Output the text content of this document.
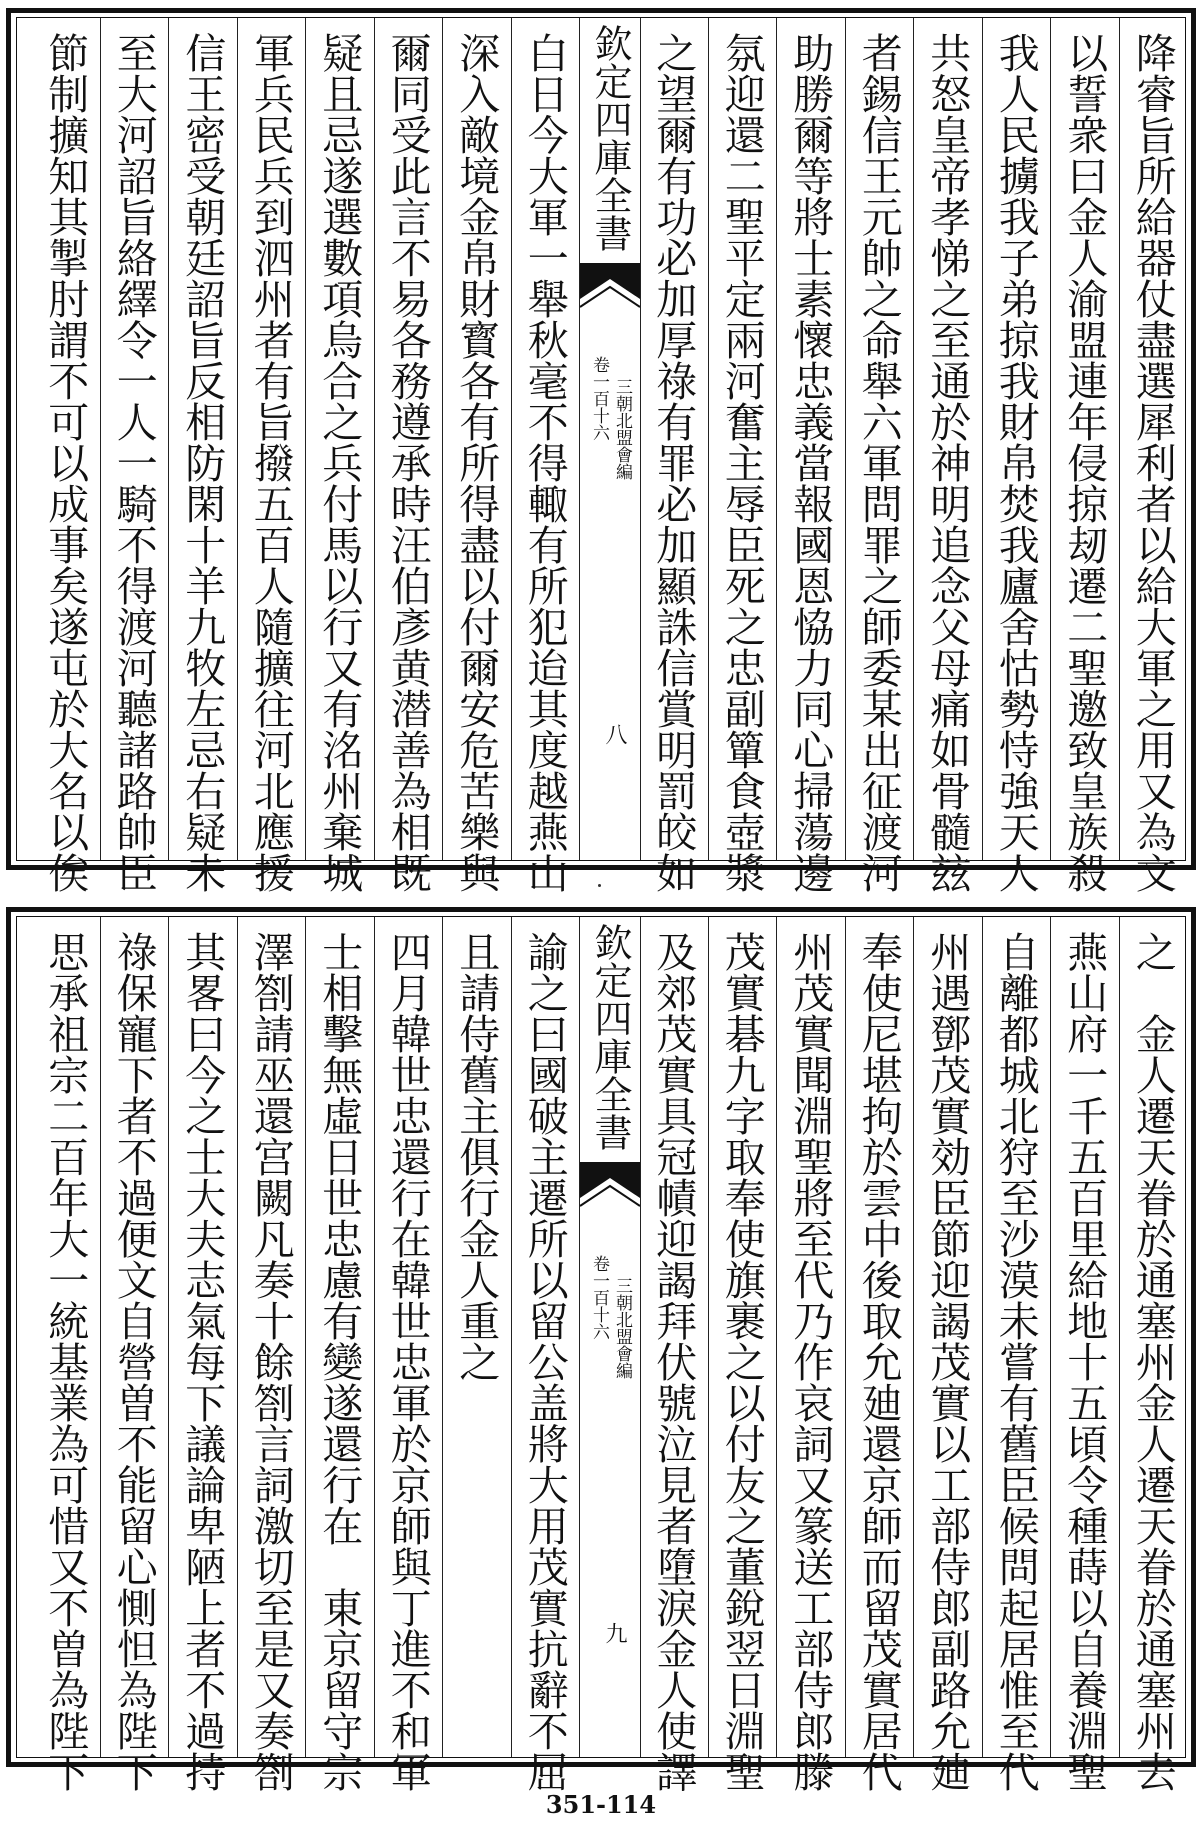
降睿旨所給器仗盡選犀利者以給大軍之用又為文
以誓衆曰金人渝盟連年侵掠刼遷二聖邀致皇族殺
我人民擄我子弟掠我財帛焚我廬舍怙勢恃強天人
共怒皇帝孝悌之至通於神明追念父母痛如骨髓玆
者錫信王元帥之命舉六軍問罪之師委某出征渡河
助勝爾等將士素懷忠義當報國恩恊力同心掃蕩邊
氛迎還二聖平定兩河奮主辱臣死之忠副簞食壺漿
之望爾有功必加厚祿有罪必加顯誅信賞明罰皎如
欽定四庫全書
三朝北盟會編
卷一百十六
八
白日今大軍一舉秋毫不得輙有所犯迨其度越燕山
深入敵境金帛財寳各有所得盡以付爾安危苦樂與
爾同受此言不易各務遵承時汪伯彥黄潜善為相既
疑且忌遂選數項烏合之兵付馬以行又有洺州棄城
軍兵民兵到泗州者有旨撥五百人隨擴往河北應援
信王密受朝廷詔旨反相防閑十羊九牧左忌右疑未
至大河詔旨絡繹令一人一騎不得渡河聽諸路帥臣
節制擴知其掣肘謂不可以成事矣遂屯於大名以俟
之　金人遷天眷於通塞州金人遷天眷於通塞州去
燕山府一千五百里給地十五頃令種蒔以自養淵聖
自離都城北狩至沙漠未嘗有舊臣候問起居惟至代
州遇鄧茂實効臣節迎謁茂實以工部侍郎副路允廸
奉使尼堪拘於雲中後取允廸還京師而留茂實居代
州茂實聞淵聖將至代乃作哀詞又篆送工部侍郎滕
茂實碁九字取奉使旗裹之以付友之董銳翌日淵聖
及郊茂實具冠幘迎謁拜伏號泣見者墮淚金人使譯
欽定四庫全書
三朝北盟會編
卷一百十六
九
諭之曰國破主遷所以留公盖將大用茂實抗辭不屈
且請侍舊主俱行金人重之
四月韓世忠還行在韓世忠軍於京師與丁進不和軍
士相擊無虛日世忠慮有變遂還行在　東京留守宗
澤劄請巫還宫闕凡奏十餘劄言詞激切至是又奏劄
其畧曰今之士大夫志氣每下議論卑陋上者不過持
祿保寵下者不過便文自營曽不能留心惻怛為陛下
思承祖宗二百年大一統基業為可惜又不曽為陛下
351-114
